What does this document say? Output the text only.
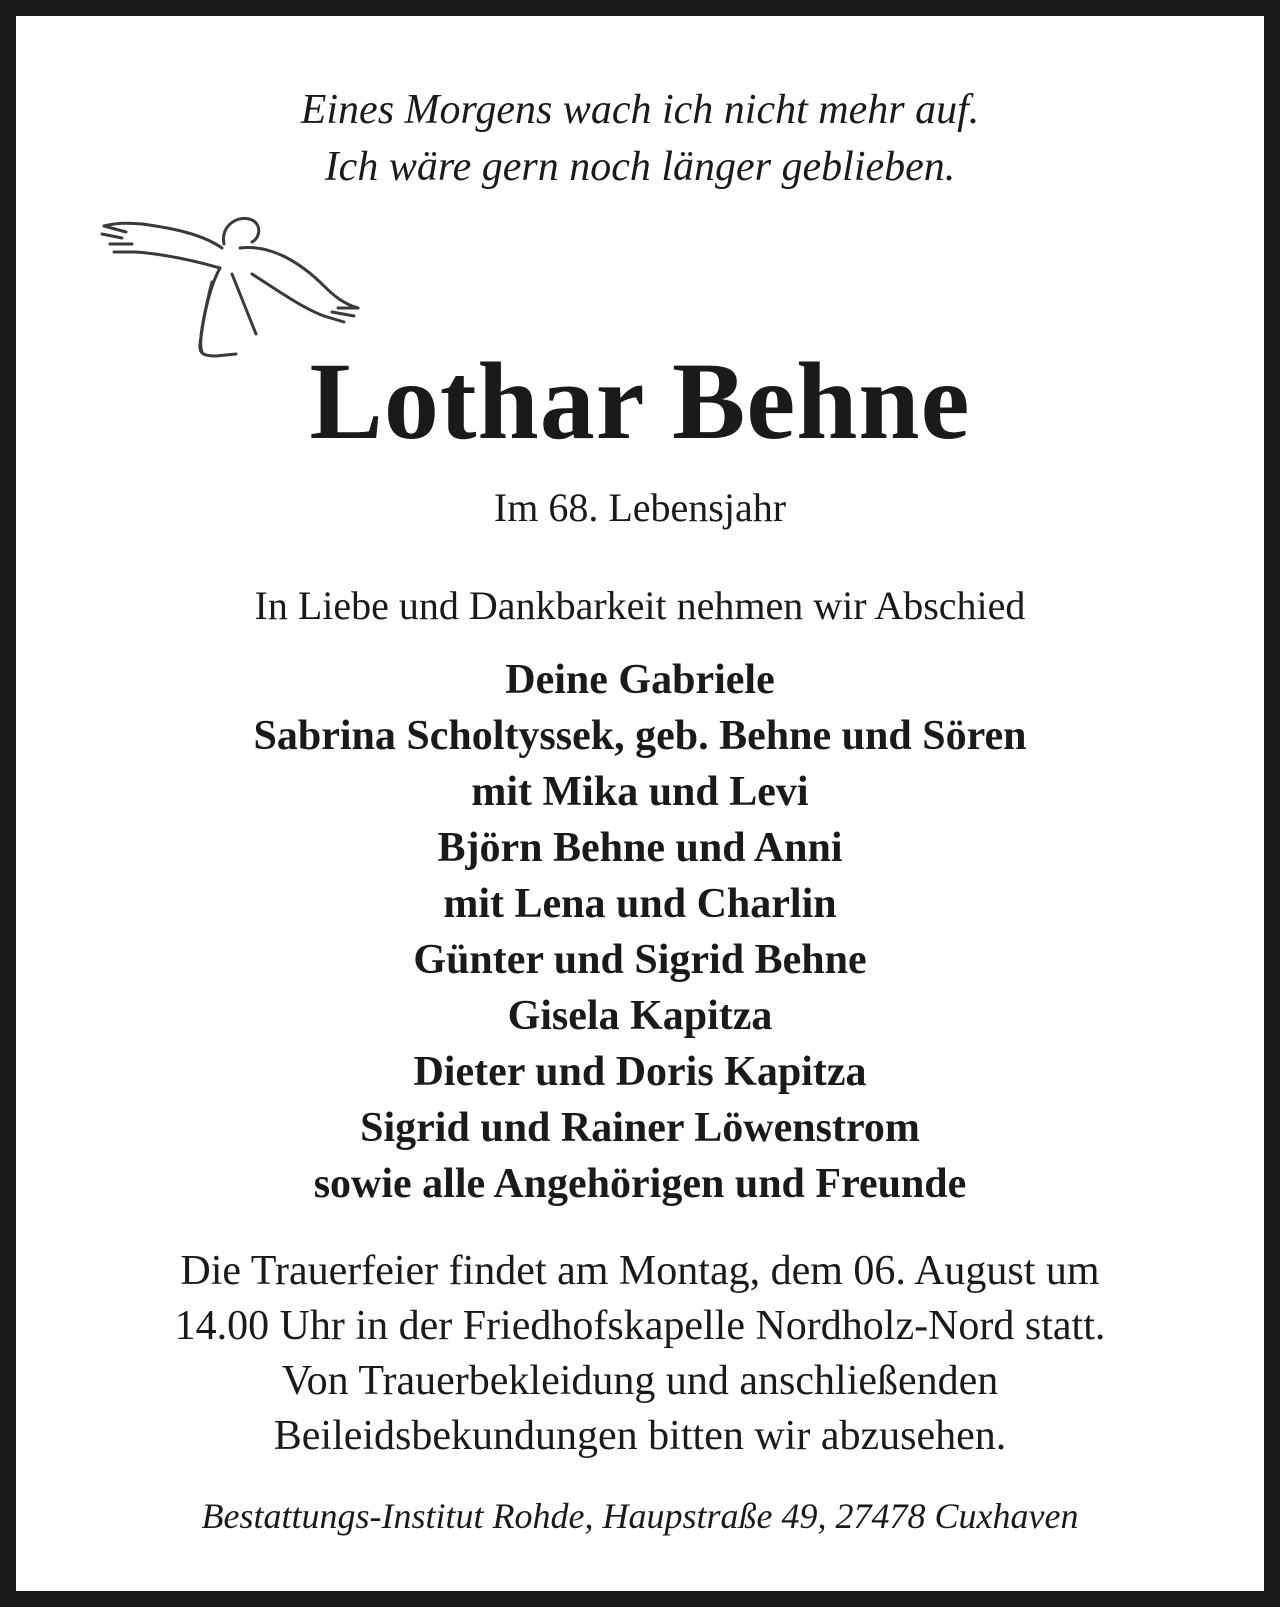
Eines Morgens wach ich nicht mehr auf.
Ich wäre gern noch länger geblieben.
Lothar Behne
Im 68. Lebensjahr
In Liebe und Dankbarkeit nehmen wir Abschied
Deine Gabriele
Sabrina Scholtyssek, geb. Behne und Sören
mit Mika und Levi
Björn Behne und Anni
mit Lena und Charlin
Günter und Sigrid Behne
Gisela Kapitza
Dieter und Doris Kapitza
Sigrid und Rainer Löwenstrom
sowie alle Angehörigen und Freunde
Die Trauerfeier findet am Montag, dem 06. August um
14.00 Uhr in der Friedhofskapelle Nordholz-Nord statt.
Von Trauerbekleidung und anschließenden
Beileidsbekundungen bitten wir abzusehen.
Bestattungs-Institut Rohde, Haupstraße 49, 27478 Cuxhaven
